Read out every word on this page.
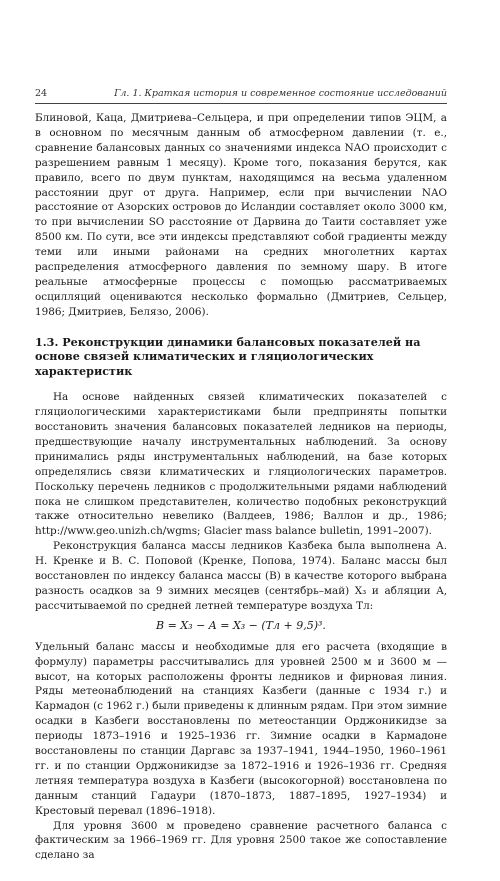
24	Гл. 1. Краткая история и современное состояние исследований

Блиновой, Каца, Дмитриева–Сельцера, и при определении типов ЭЦМ, а в основном по месячным данным об атмосферном давлении (т. е., сравнение балансовых данных со значениями индекса NAO происходит с разрешением равным 1 месяцу). Кроме того, показания берутся, как правило, всего по двум пунктам, находящимся на весьма удаленном расстоянии друг от друга. Например, если при вычислении NAO расстояние от Азорских островов до Исландии составляет около 3000 км, то при вычислении SO расстояние от Дарвина до Таити составляет уже 8500 км. По сути, все эти индексы представляют собой градиенты между теми или иными районами на средних многолетних картах распределения атмосферного давления по земному шару. В итоге реальные атмосферные процессы с помощью рассматриваемых осцилляций оцениваются несколько формально (Дмитриев, Сельцер, 1986; Дмитриев, Белязо, 2006).

1.3. Реконструкции динамики балансовых показателей на основе связей климатических и гляциологических характеристик

На основе найденных связей климатических показателей с гляциологическими характеристиками были предприняты попытки восстановить значения балансовых показателей ледников на периоды, предшествующие началу инструментальных наблюдений. За основу принимались ряды инструментальных наблюдений, на базе которых определялись связи климатических и гляциологических параметров. Поскольку перечень ледников с продолжительными рядами наблюдений пока не слишком представителен, количество подобных реконструкций также относительно невелико (Валдеев, 1986; Валлон и др., 1986; http://www.geo.unizh.ch/wgms; Glacier mass balance bulletin, 1991–2007).

Реконструкция баланса массы ледников Казбека была выполнена А. Н. Кренке и В. С. Поповой (Кренке, Попова, 1974). Баланс массы был восстановлен по индексу баланса массы (B) в качестве которого выбрана разность осадков за 9 зимних месяцев (сентябрь–май) X₃ и абляции A, рассчитываемой по средней летней температуре воздуха Tл:

B = X₃ − A = X₃ − (Tл + 9,5)³.

Удельный баланс массы и необходимые для его расчета (входящие в формулу) параметры рассчитывались для уровней 2500 м и 3600 м — высот, на которых расположены фронты ледников и фирновая линия. Ряды метеонаблюдений на станциях Казбеги (данные с 1934 г.) и Кармадон (с 1962 г.) были приведены к длинным рядам. При этом зимние осадки в Казбеги восстановлены по метеостанции Орджоникидзе за периоды 1873–1916 и 1925–1936 гг. Зимние осадки в Кармадоне восстановлены по станции Даргавс за 1937–1941, 1944–1950, 1960–1961 гг. и по станции Орджоникидзе за 1872–1916 и 1926–1936 гг. Средняя летняя температура воздуха в Казбеги (высокогорной) восстановлена по данным станций Гадаури (1870–1873, 1887–1895, 1927–1934) и Крестовый перевал (1896–1918).

Для уровня 3600 м проведено сравнение расчетного баланса с фактическим за 1966–1969 гг. Для уровня 2500 такое же сопоставление сделано за
